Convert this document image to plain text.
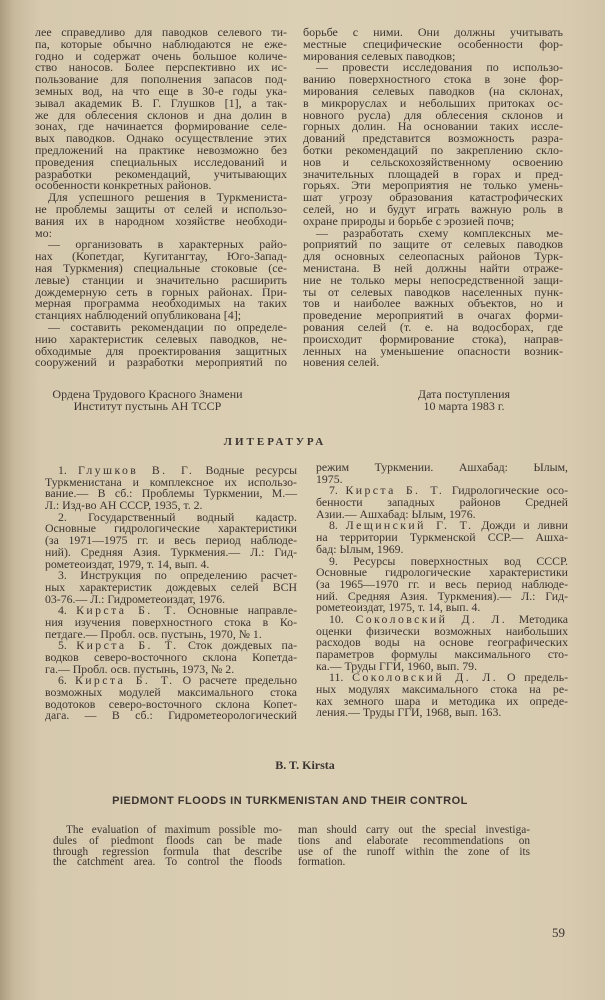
лее справедливо для паводков селевого ти-
па, которые обычно наблюдаются не еже-
годно и содержат очень большое количе-
ство наносов. Более перспективно их ис-
пользование для пополнения запасов под-
земных вод, на что еще в 30-е годы ука-
зывал академик В. Г. Глушков [1], а так-
же для облесения склонов и дна долин в
зонах, где начинается формирование селе-
вых паводков. Однако осуществление этих
предложений на практике невозможно без
проведения специальных исследований и
разработки рекомендаций, учитывающих
особенности конкретных районов.
Для успешного решения в Туркмениста-
не проблемы защиты от селей и использо-
вания их в народном хозяйстве необходи-
мо:
— организовать в характерных райо-
нах (Копетдаг, Кугитангтау, Юго-Запад-
ная Туркмения) специальные стоковые (се-
левые) станции и значительно расширить
дождемерную сеть в горных районах. При-
мерная программа необходимых на таких
станциях наблюдений опубликована [4];
— составить рекомендации по определе-
нию характеристик селевых паводков, не-
обходимые для проектирования защитных
сооружений и разработки мероприятий по
борьбе с ними. Они должны учитывать
местные специфические особенности фор-
мирования селевых паводков;
— провести исследования по использо-
ванию поверхностного стока в зоне фор-
мирования селевых паводков (на склонах,
в микроруслах и небольших притоках ос-
новного русла) для облесения склонов и
горных долин. На основании таких иссле-
дований представится возможность разра-
ботки рекомендаций по закреплению скло-
нов и сельскохозяйственному освоению
значительных площадей в горах и пред-
горьях. Эти мероприятия не только умень-
шат угрозу образования катастрофических
селей, но и будут играть важную роль в
охране природы и борьбе с эрозией почв;
— разработать схему комплексных ме-
роприятий по защите от селевых паводков
для основных селеопасных районов Турк-
менистана. В ней должны найти отраже-
ние не только меры непосредственной защи-
ты от селевых паводков населенных пунк-
тов и наиболее важных объектов, но и
проведение мероприятий в очагах форми-
рования селей (т. е. на водосборах, где
происходит формирование стока), направ-
ленных на уменьшение опасности возник-
новения селей.
Ордена Трудового Красного Знамени
Институт пустынь АН ТССР
Дата поступления
10 марта 1983 г.
ЛИТЕРАТУРА
1. Глушков В. Г. Водные ресурсы
Туркменистана и комплексное их использо-
вание.— В сб.: Проблемы Туркмении, М.—
Л.: Изд-во АН СССР, 1935, т. 2.
2. Государственный водный кадастр.
Основные гидрологические характеристики
(за 1971—1975 гг. и весь период наблюде-
ний). Средняя Азия. Туркмения.— Л.: Гид-
рометеоиздат, 1979, т. 14, вып. 4.
3. Инструкция по определению расчет-
ных характеристик дождевых селей ВСН
03-76.— Л.: Гидрометеоиздат, 1976.
4. Кирста Б. Т. Основные направле-
ния изучения поверхностного стока в Ко-
петдаге.— Пробл. осв. пустынь, 1970, № 1.
5. Кирста Б. Т. Сток дождевых па-
водков северо-восточного склона Копетда-
га.— Пробл. осв. пустынь, 1973, № 2.
6. Кирста Б. Т. О расчете предельно
возможных модулей максимального стока
водотоков северо-восточного склона Копет-
дага. — В сб.: Гидрометеорологический
режим Туркмении. Ашхабад: Ылым,
1975.
7. Кирста Б. Т. Гидрологические осо-
бенности западных районов Средней
Азии.— Ашхабад: Ылым, 1976.
8. Лещинский Г. Т. Дожди и ливни
на территории Туркменской ССР.— Ашха-
бад: Ылым, 1969.
9. Ресурсы поверхностных вод СССР.
Основные гидрологические характеристики
(за 1965—1970 гг. и весь период наблюде-
ний. Средняя Азия. Туркмения).— Л.: Гид-
рометеоиздат, 1975, т. 14, вып. 4.
10. Соколовский Д. Л. Методика
оценки физически возможных наибольших
расходов воды на основе географических
параметров формулы максимального сто-
ка.— Труды ГГИ, 1960, вып. 79.
11. Соколовский Д. Л. О предель-
ных модулях максимального стока на ре-
ках земного шара и методика их опреде-
ления.— Труды ГГИ, 1968, вып. 163.
B. T. Kirsta
PIEDMONT FLOODS IN TURKMENISTAN AND THEIR CONTROL
The evaluation of maximum possible mo-
dules of piedmont floods can be made
through regression formula that describe
the catchment area. To control the floods
man should carry out the special investiga-
tions and elaborate recommendations on
use of the runoff within the zone of its
formation.
59
